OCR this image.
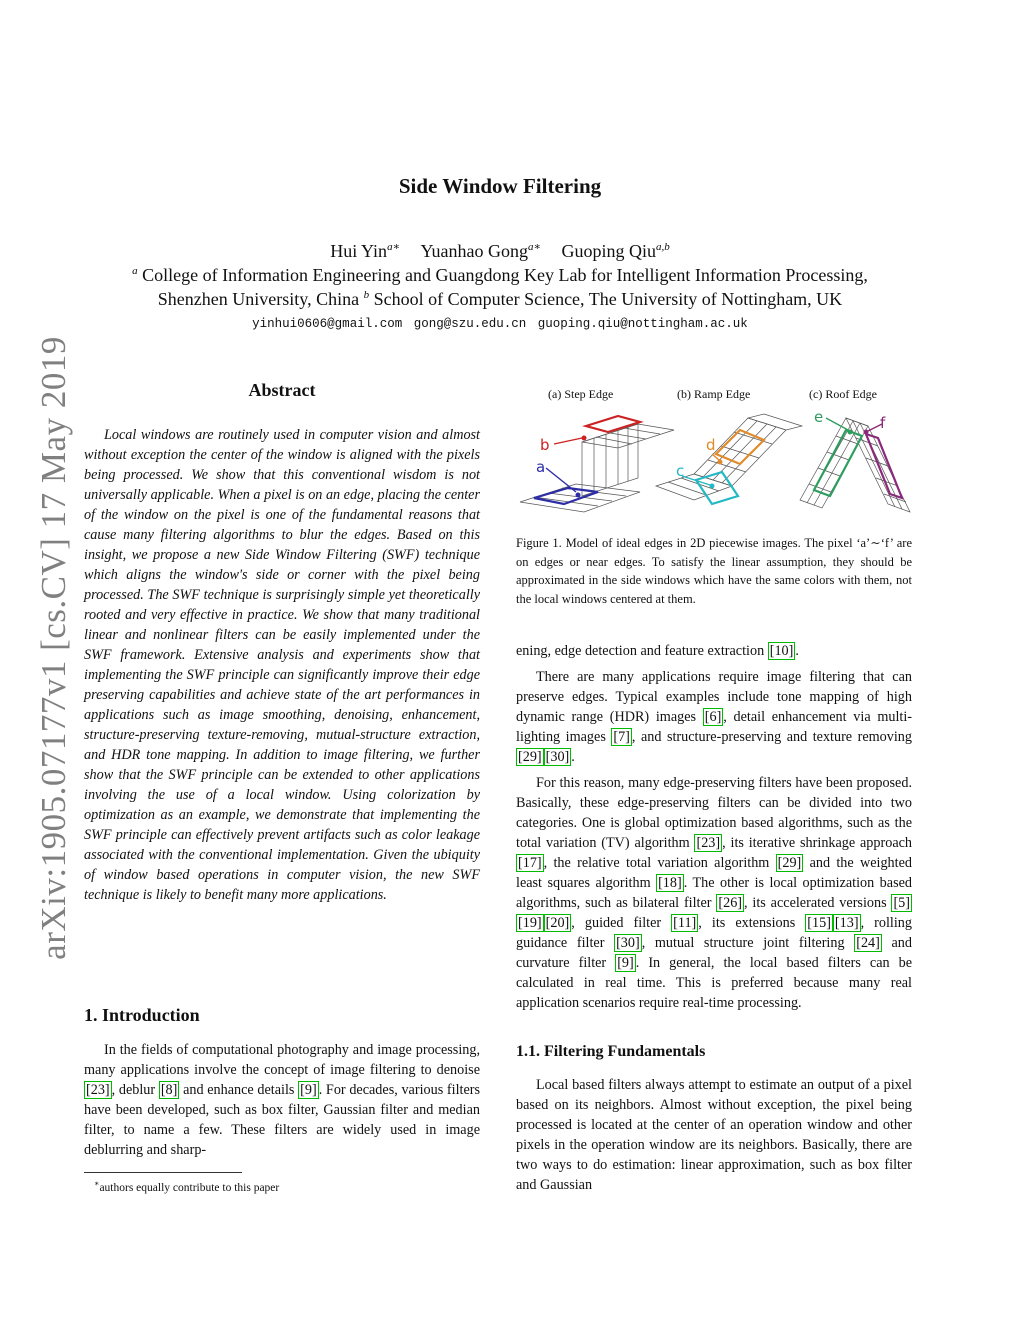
arXiv:1905.07177v1 [cs.CV] 17 May 2019
Side Window Filtering
Hui Yin$^{a∗}$ Yuanhao Gong$^{a∗}$ Guoping Qiu$^{a,b}$
$^a$ College of Information Engineering and Guangdong Key Lab for Intelligent Information Processing,
Shenzhen University, China $^b$ School of Computer Science, The University of Nottingham, UK
yinhui0606@gmail.com gong@szu.edu.cn guoping.qiu@nottingham.ac.uk
Abstract
Local windows are routinely used in computer vision and almost without exception the center of the window is aligned with the pixels being processed. We show that this conventional wisdom is not universally applicable. When a pixel is on an edge, placing the center of the window on the pixel is one of the fundamental reasons that cause many filtering algorithms to blur the edges. Based on this insight, we propose a new Side Window Filtering (SWF) technique which aligns the window's side or corner with the pixel being processed. The SWF technique is surprisingly simple yet theoretically rooted and very effective in practice. We show that many traditional linear and nonlinear filters can be easily implemented under the SWF framework. Extensive analysis and experiments show that implementing the SWF principle can significantly improve their edge preserving capabilities and achieve state of the art performances in applications such as image smoothing, denoising, enhancement, structure-preserving texture-removing, mutual-structure extraction, and HDR tone mapping. In addition to image filtering, we further show that the SWF principle can be extended to other applications involving the use of a local window. Using colorization by optimization as an example, we demonstrate that implementing the SWF principle can effectively prevent artifacts such as color leakage associated with the conventional implementation. Given the ubiquity of window based operations in computer vision, the new SWF technique is likely to benefit many more applications.
1. Introduction
In the fields of computational photography and image processing, many applications involve the concept of image filtering to denoise [23] , deblur [8] and enhance details [9] . For decades, various filters have been developed, such as box filter, Gaussian filter and median filter, to name a few. These filters are widely used in image deblurring and sharp-
∗authors equally contribute to this paper
(a) Step Edge	(b) Ramp Edge	(c) Roof Edge
a
b
c
d
e	f
Figure 1. Model of ideal edges in 2D piecewise images. The pixel ‘a’∼‘f’ are on edges or near edges. To satisfy the linear assumption, they should be approximated in the side windows which have the same colors with them, not the local windows centered at them.

ening, edge detection and feature extraction [10] .

There are many applications require image filtering that can preserve edges. Typical examples include tone mapping of high dynamic range (HDR) images [6] , detail enhancement via multi-lighting images [7] , and structure-preserving and texture removing [29] [30] .

For this reason, many edge-preserving filters have been proposed. Basically, these edge-preserving filters can be divided into two categories. One is global optimization based algorithms, such as the total variation (TV) algorithm [23] , its iterative shrinkage approach [17] , the relative total variation algorithm [29] and the weighted least squares algorithm [18] . The other is local optimization based algorithms, such as bilateral filter [26] , its accelerated versions [5][19] [20] , guided filter [11] , its extensions [15] [13] , rolling guidance filter [30] , mutual structure joint filtering [24] and curvature filter [9] . In general, the local based filters can be calculated in real time. This is preferred because many real application scenarios require real-time processing.

1.1. Filtering Fundamentals

Local based filters always attempt to estimate an output of a pixel based on its neighbors. Almost without exception, the pixel being processed is located at the center of an operation window and other pixels in the operation window are its neighbors. Basically, there are two ways to do estimation: linear approximation, such as box filter and Gaussian
